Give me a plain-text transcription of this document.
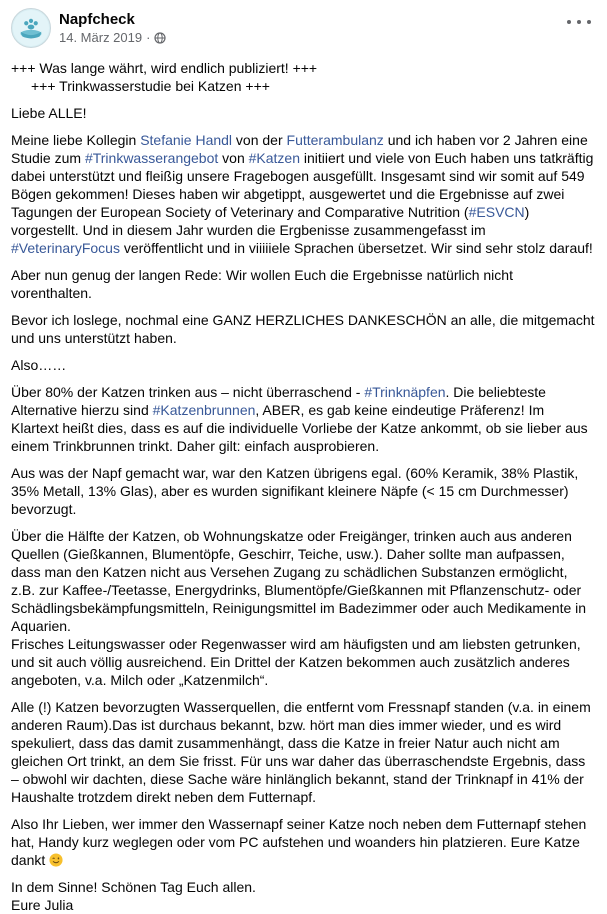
Napfcheck
14. März 2019 ·

+++ Was lange währt, wird endlich publiziert! +++
+++ Trinkwasserstudie bei Katzen +++

Liebe ALLE!

Meine liebe Kollegin Stefanie Handl von der Futterambulanz und ich haben vor 2 Jahren eine Studie zum #Trinkwasserangebot von #Katzen initiiert und viele von Euch haben uns tatkräftig dabei unterstützt und fleißig unsere Fragebogen ausgefüllt. Insgesamt sind wir somit auf 549 Bögen gekommen! Dieses haben wir abgetippt, ausgewertet und die Ergebnisse auf zwei Tagungen der European Society of Veterinary and Comparative Nutrition (#ESVCN) vorgestellt. Und in diesem Jahr wurden die Ergbenisse zusammengefasst im #VeterinaryFocus veröffentlicht und in viiiiiele Sprachen übersetzet. Wir sind sehr stolz darauf!

Aber nun genug der langen Rede: Wir wollen Euch die Ergebnisse natürlich nicht vorenthalten.

Bevor ich loslege, nochmal eine GANZ HERZLICHES DANKESCHÖN an alle, die mitgemacht und uns unterstützt haben.

Also……

Über 80% der Katzen trinken aus – nicht überraschend - #Trinknäpfen. Die beliebteste Alternative hierzu sind #Katzenbrunnen, ABER, es gab keine eindeutige Präferenz! Im Klartext heißt dies, dass es auf die individuelle Vorliebe der Katze ankommt, ob sie lieber aus einem Trinkbrunnen trinkt. Daher gilt: einfach ausprobieren.

Aus was der Napf gemacht war, war den Katzen übrigens egal. (60% Keramik, 38% Plastik, 35% Metall, 13% Glas), aber es wurden signifikant kleinere Näpfe (< 15 cm Durchmesser) bevorzugt.

Über die Hälfte der Katzen, ob Wohnungskatze oder Freigänger, trinken auch aus anderen Quellen (Gießkannen, Blumentöpfe, Geschirr, Teiche, usw.). Daher sollte man aufpassen, dass man den Katzen nicht aus Versehen Zugang zu schädlichen Substanzen ermöglicht, z.B. zur Kaffee-/Teetasse, Energydrinks, Blumentöpfe/Gießkannen mit Pflanzenschutz- oder Schädlingsbekämpfungsmitteln, Reinigungsmittel im Badezimmer oder auch Medikamente in Aquarien.

Frisches Leitungswasser oder Regenwasser wird am häufigsten und am liebsten getrunken, und sit auch völlig ausreichend. Ein Drittel der Katzen bekommen auch zusätzlich anderes angeboten, v.a. Milch oder „Katzenmilch“.

Alle (!) Katzen bevorzugten Wasserquellen, die entfernt vom Fressnapf standen (v.a. in einem anderen Raum).Das ist durchaus bekannt, bzw. hört man dies immer wieder, und es wird spekuliert, dass das damit zusammenhängt, dass die Katze in freier Natur auch nicht am gleichen Ort trinkt, an dem Sie frisst. Für uns war daher das überraschendste Ergebnis, dass – obwohl wir dachten, diese Sache wäre hinlänglich bekannt, stand der Trinknapf in 41% der Haushalte trotzdem direkt neben dem Futternapf.

Also Ihr Lieben, wer immer den Wassernapf seiner Katze noch neben dem Futternapf stehen hat, Handy kurz weglegen oder vom PC aufstehen und woanders hin platzieren. Eure Katze dankt

In dem Sinne! Schönen Tag Euch allen.
Eure Julia
